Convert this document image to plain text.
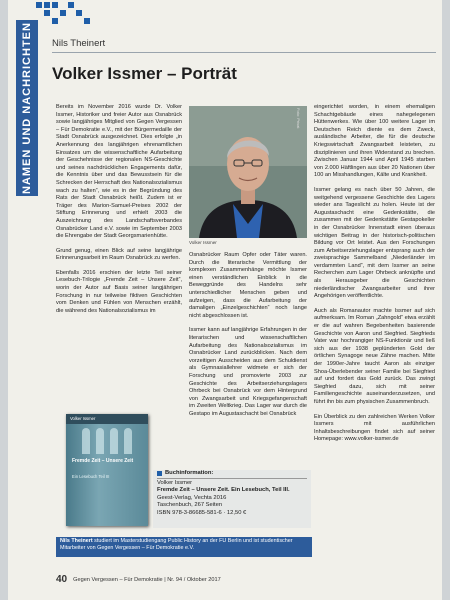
NAMEN UND NACHRICHTEN	Nils Theinert
Volker Issmer – Porträt

Bereits im November 2016 wurde Dr. Volker Issmer, Historiker und freier Autor aus Osnabrück sowie langjähriges Mitglied von Gegen Vergessen – Für Demokratie e.V., mit der Bürgermedaille der Stadt Osnabrück ausgezeichnet. Dies erfolgte „in Anerkennung des langjährigen ehrenamtlichen Einsatzes um die wissenschaftliche Aufarbeitung der Geschehnisse der regionalen NS-Geschichte und seines nachdrücklichen Engagements dafür, die Kenntnis über und das Bewusstsein für die Schrecken der Herrschaft des Nationalsozialismus wach zu halten“, wie es in der Begründung des Rats der Stadt Osnabrück heißt. Zudem ist er Träger des Marion-Samuel-Preises 2002 der Stiftung Erinnerung und erhielt 2003 die Auszeichnung des Landschaftsverbandes Osnabrücker Land e.V. sowie im September 2003 die Ehrengabe der Stadt Georgsmarienhütte.

Grund genug, einen Blick auf seine langjährige Erinnerungsarbeit im Raum Osnabrück zu werfen.

Ebenfalls 2016 erschien der letzte Teil seiner Lesebuch-Trilogie „Fremde Zeit – Unsere Zeit“, worin der Autor auf Basis seiner langjährigen Forschung in nur teilweise fiktiven Geschichten vom Denken und Fühlen von Menschen erzählt, die während des Nationalsozialismus im

Foto: Privat
Volker Issmer

Osnabrücker Raum Opfer oder Täter waren. Durch die literarische Vermittlung der komplexen Zusammenhänge möchte Issmer einen verständlichen Einblick in die Beweggründe des Handelns sehr unterschiedlicher Menschen geben und aufzeigen, dass die Aufarbeitung der damaligen „Einzelgeschichten“ noch lange nicht abgeschlossen ist.

Issmer kann auf langjährige Erfahrungen in der literarischen und wissenschaftlichen Aufarbeitung des Nationalsozialismus im Osnabrücker Land zurückblicken. Nach dem vorzeitigen Ausscheiden aus dem Schuldienst als Gymnasiallehrer widmete er sich der Forschung und promovierte 2003 zur Geschichte des Arbeitserziehungslagers Ohrbeck bei Osnabrück vor dem Hintergrund von Zwangsarbeit und Kriegsgefangenschaft im Zweiten Weltkrieg. Das Lager war durch die Gestapo im Augustaschacht bei Osnabrück

eingerichtet worden, in einem ehemaligen Schachtgebäude eines nahegelegenen Hüttenwerkes. Wie über 100 weitere Lager im Deutschen Reich diente es dem Zweck, ausländische Arbeiter, die für die deutsche Kriegswirtschaft Zwangsarbeit leisteten, zu disziplinieren und ihren Widerstand zu brechen. Zwischen Januar 1944 und April 1945 starben von 2.000 Häftlingen aus über 20 Nationen über 100 an Misshandlungen, Kälte und Krankheit.

Issmer gelang es nach über 50 Jahren, die weitgehend vergessene Geschichte des Lagers wieder ans Tageslicht zu holen. Heute ist der Augustaschacht eine Gedenkstätte, die zusammen mit der Gedenkstätte Gestapokeller in der Osnabrücker Innenstadt einen überaus wichtigen Beitrag in der historisch-politischen Bildung vor Ort leistet. Aus den Forschungen zum Arbeitserziehungslager entsprang auch der zweisprachige Sammelband „Niederländer im verdammten Land“, mit dem Issmer an seine Recherchen zum Lager Ohrbeck anknüpfte und als Herausgeber die Geschichten niederländischer Zwangsarbeiter und ihrer Angehörigen veröffentlichte.

Auch als Romanautor machte Issmer auf sich aufmerksam. Im Roman „Zahngold“ etwa erzählt er die auf wahren Begebenheiten basierende Geschichte von Aaron und Siegfried. Siegfrieds Vater war hochrangiger NS-Funktionär und ließ sich aus der 1938 geplünderten Gold der örtlichen Synagoge neue Zähne machen. Mitte der 1990er-Jahre taucht Aaron als einziger Shoa-Überlebender seiner Familie bei Siegfried auf und fordert das Gold zurück. Das zwingt Siegfried dazu, sich mit seiner Familiengeschichte auseinanderzusetzen, und führt ihn bis zum physischen Zusammenbruch.

Ein Überblick zu den zahlreichen Werken Volker Issmers mit ausführlichen Inhaltsbeschreibungen findet sich auf seiner Homepage: www.volker-issmer.de

Volker Issmer
Fremde Zeit – Unsere Zeit
Ein Lesebuch Teil III
Buchinformation:
Volker Issmer
Fremde Zeit – Unsere Zeit. Ein Lesebuch, Teil III.
Geest-Verlag, Vechta 2016
Taschenbuch, 267 Seiten
ISBN 978-3-86685-581-6 · 12,50 €
Nils Theinert studiert im Masterstudiengang Public History an der FU Berlin und ist studentischer Mitarbeiter von Gegen Vergessen – Für Demokratie e.V.
40 Gegen Vergessen – Für Demokratie | Nr. 94 / Oktober 2017
